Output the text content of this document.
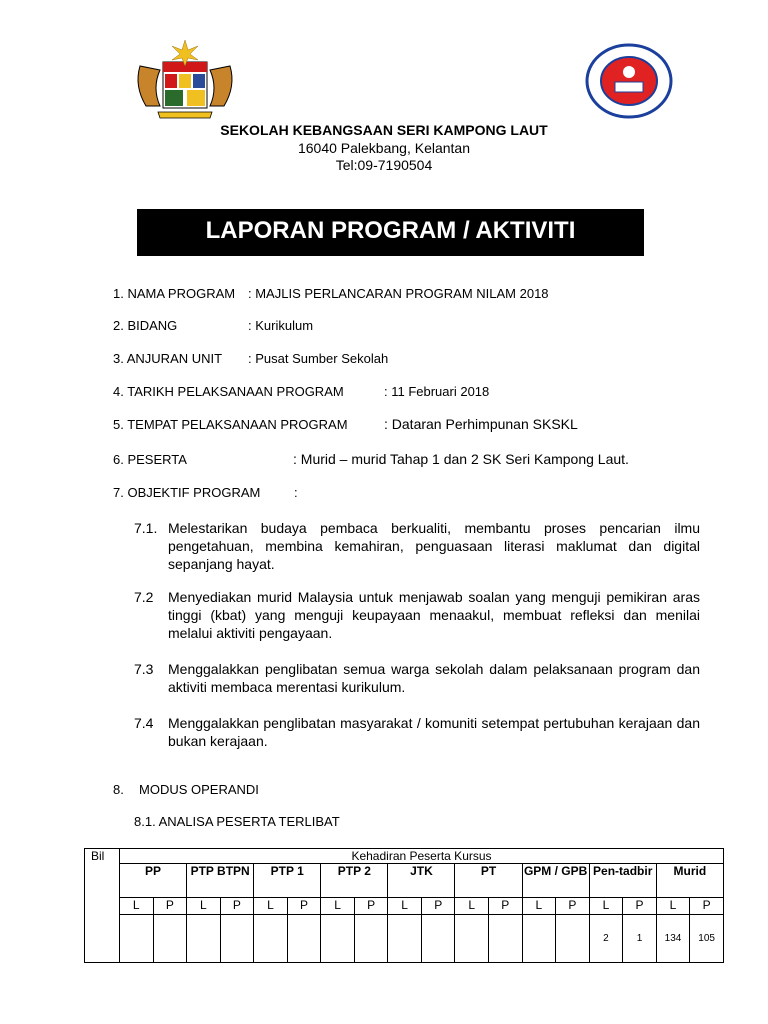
SEKOLAH KEBANGSAAN SERI KAMPONG LAUT
16040 Palekbang, Kelantan
Tel:09-7190504
LAPORAN PROGRAM / AKTIVITI
1. NAMA PROGRAM : MAJLIS PERLANCARAN PROGRAM NILAM 2018
2. BIDANG	: Kurikulum
3. ANJURAN UNIT : Pusat Sumber Sekolah
4. TARIKH PELAKSANAAN PROGRAM	: 11 Februari 2018
5. TEMPAT PELAKSANAAN PROGRAM	: Dataran Perhimpunan SKSKL
6. PESERTA	: Murid – murid Tahap 1 dan 2 SK Seri Kampong Laut.
7. OBJEKTIF PROGRAM	:
7.1. Melestarikan budaya pembaca berkualiti, membantu proses pencarian ilmu pengetahuan, membina kemahiran, penguasaan literasi maklumat dan digital sepanjang hayat.
7.2 Menyediakan murid Malaysia untuk menjawab soalan yang menguji pemikiran aras tinggi (kbat) yang menguji keupayaan menaakul, membuat refleksi dan menilai melalui aktiviti pengayaan.
7.3 Menggalakkan penglibatan semua warga sekolah dalam pelaksanaan program dan aktiviti membaca merentasi kurikulum.
7.4 Menggalakkan penglibatan masyarakat / komuniti setempat pertubuhan kerajaan dan bukan kerajaan.
8. MODUS OPERANDI
8.1. ANALISA PESERTA TERLIBAT
Bil	Kehadiran Peserta Kursus																	
	PP		PTP BTPN		PTP 1		PTP 2		JTK		PT		GPM / GPB		Pen-tadbir		Murid	
	L	P	L	P	L	P	L	P	L	P	L	P	L	P	L	P	L	P
															2	1	134	105
